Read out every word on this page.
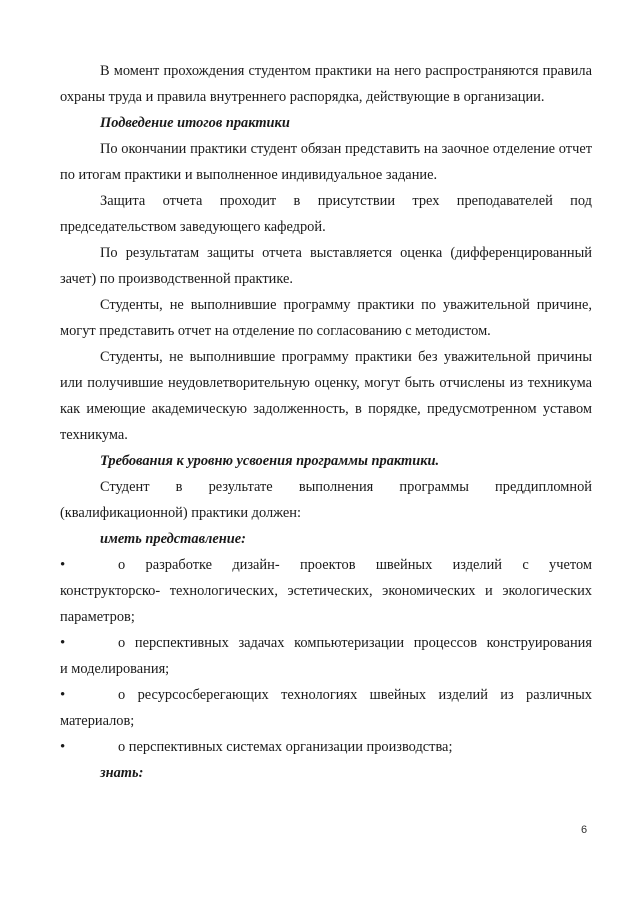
В момент прохождения студентом практики на него распространяются правила охраны труда и правила внутреннего распорядка, действующие в организации.

Подведение итогов практики

По окончании практики студент обязан представить на заочное отделение отчет по итогам практики и выполненное индивидуальное задание.

Защита отчета проходит в присутствии трех преподавателей под председательством заведующего кафедрой.

По результатам защиты отчета выставляется оценка (дифференцированный зачет) по производственной практике.

Студенты, не выполнившие программу практики по уважительной причине, могут представить отчет на отделение по согласованию с методистом.

Студенты, не выполнившие программу практики без уважительной причины или получившие неудовлетворительную оценку, могут быть отчислены из техникума как имеющие академическую задолженность, в порядке, предусмотренном уставом техникума.

Требования к уровню усвоения программы практики.

Студент в результате выполнения программы преддипломной (квалификационной) практики должен:

иметь представление:

•	о разработке дизайн- проектов швейных изделий с учетом
конструкторско- технологических, эстетических, экономических и экологических параметров;
•	о перспективных задачах компьютеризации процессов конструирования
и моделирования;
•	о ресурсосберегающих технологиях швейных изделий из различных
материалов;
•	о перспективных системах организации производства;

знать:

6
